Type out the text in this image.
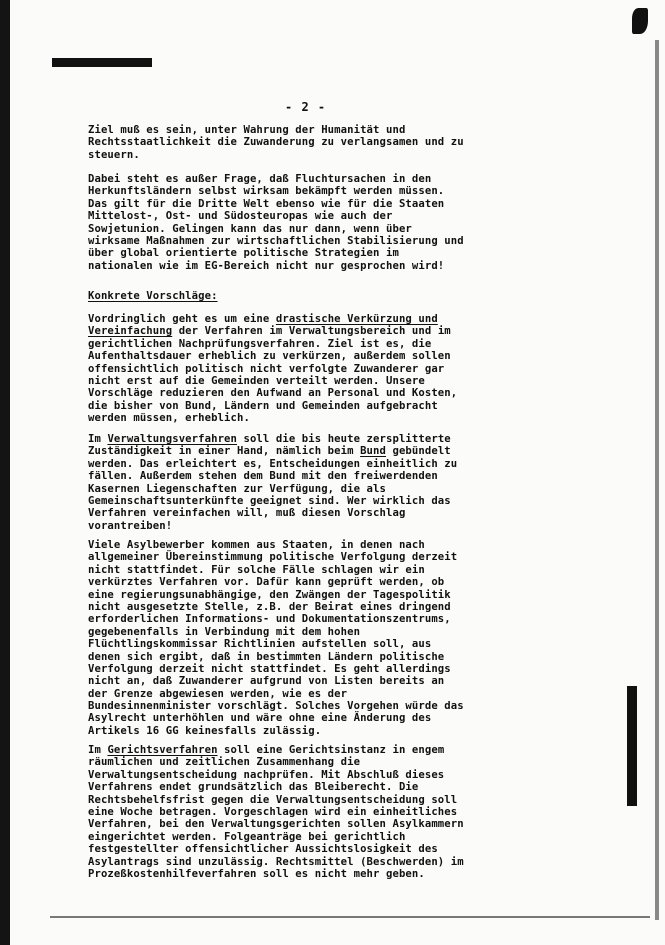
- 2 -
Ziel muß es sein, unter Wahrung der Humanität und
Rechtsstaatlichkeit die Zuwanderung zu verlangsamen und zu
steuern.
Dabei steht es außer Frage, daß Fluchtursachen in den
Herkunftsländern selbst wirksam bekämpft werden müssen.
Das gilt für die Dritte Welt ebenso wie für die Staaten
Mittelost-, Ost- und Südosteuropas wie auch der
Sowjetunion. Gelingen kann das nur dann, wenn über
wirksame Maßnahmen zur wirtschaftlichen Stabilisierung und
über global orientierte politische Strategien im
nationalen wie im EG-Bereich nicht nur gesprochen wird!
Konkrete Vorschläge:
Vordringlich geht es um eine drastische Verkürzung und
Vereinfachung der Verfahren im Verwaltungsbereich und im
gerichtlichen Nachprüfungsverfahren. Ziel ist es, die
Aufenthaltsdauer erheblich zu verkürzen, außerdem sollen
offensichtlich politisch nicht verfolgte Zuwanderer gar
nicht erst auf die Gemeinden verteilt werden. Unsere
Vorschläge reduzieren den Aufwand an Personal und Kosten,
die bisher von Bund, Ländern und Gemeinden aufgebracht
werden müssen, erheblich.
Im Verwaltungsverfahren soll die bis heute zersplitterte
Zuständigkeit in einer Hand, nämlich beim Bund gebündelt
werden. Das erleichtert es, Entscheidungen einheitlich zu
fällen. Außerdem stehen dem Bund mit den freiwerdenden
Kasernen Liegenschaften zur Verfügung, die als
Gemeinschaftsunterkünfte geeignet sind. Wer wirklich das
Verfahren vereinfachen will, muß diesen Vorschlag
vorantreiben!
Viele Asylbewerber kommen aus Staaten, in denen nach
allgemeiner Übereinstimmung politische Verfolgung derzeit
nicht stattfindet. Für solche Fälle schlagen wir ein
verkürztes Verfahren vor. Dafür kann geprüft werden, ob
eine regierungsunabhängige, den Zwängen der Tagespolitik
nicht ausgesetzte Stelle, z.B. der Beirat eines dringend
erforderlichen Informations- und Dokumentationszentrums,
gegebenenfalls in Verbindung mit dem hohen
Flüchtlingskommissar Richtlinien aufstellen soll, aus
denen sich ergibt, daß in bestimmten Ländern politische
Verfolgung derzeit nicht stattfindet. Es geht allerdings
nicht an, daß Zuwanderer aufgrund von Listen bereits an
der Grenze abgewiesen werden, wie es der
Bundesinnenminister vorschlägt. Solches Vorgehen würde das
Asylrecht unterhöhlen und wäre ohne eine Änderung des
Artikels 16 GG keinesfalls zulässig.
Im Gerichtsverfahren soll eine Gerichtsinstanz in engem
räumlichen und zeitlichen Zusammenhang die
Verwaltungsentscheidung nachprüfen. Mit Abschluß dieses
Verfahrens endet grundsätzlich das Bleiberecht. Die
Rechtsbehelfsfrist gegen die Verwaltungsentscheidung soll
eine Woche betragen. Vorgeschlagen wird ein einheitliches
Verfahren, bei den Verwaltungsgerichten sollen Asylkammern
eingerichtet werden. Folgeanträge bei gerichtlich
festgestellter offensichtlicher Aussichtslosigkeit des
Asylantrags sind unzulässig. Rechtsmittel (Beschwerden) im
Prozeßkostenhilfeverfahren soll es nicht mehr geben.
